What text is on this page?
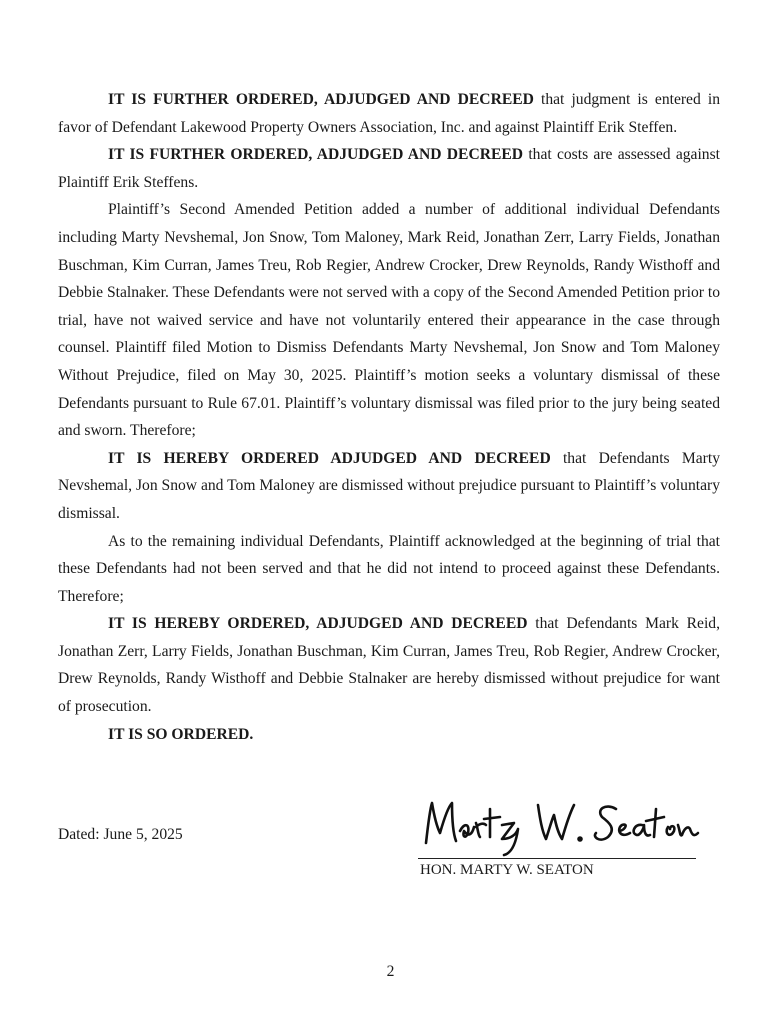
IT IS FURTHER ORDERED, ADJUDGED AND DECREED that judgment is entered in favor of Defendant Lakewood Property Owners Association, Inc. and against Plaintiff Erik Steffen.

IT IS FURTHER ORDERED, ADJUDGED AND DECREED that costs are assessed against Plaintiff Erik Steffens.

Plaintiff’s Second Amended Petition added a number of additional individual Defendants including Marty Nevshemal, Jon Snow, Tom Maloney, Mark Reid, Jonathan Zerr, Larry Fields, Jonathan Buschman, Kim Curran, James Treu, Rob Regier, Andrew Crocker, Drew Reynolds, Randy Wisthoff and Debbie Stalnaker. These Defendants were not served with a copy of the Second Amended Petition prior to trial, have not waived service and have not voluntarily entered their appearance in the case through counsel. Plaintiff filed Motion to Dismiss Defendants Marty Nevshemal, Jon Snow and Tom Maloney Without Prejudice, filed on May 30, 2025. Plaintiff’s motion seeks a voluntary dismissal of these Defendants pursuant to Rule 67.01. Plaintiff’s voluntary dismissal was filed prior to the jury being seated and sworn. Therefore;

IT IS HEREBY ORDERED ADJUDGED AND DECREED that Defendants Marty Nevshemal, Jon Snow and Tom Maloney are dismissed without prejudice pursuant to Plaintiff’s voluntary dismissal.

As to the remaining individual Defendants, Plaintiff acknowledged at the beginning of trial that these Defendants had not been served and that he did not intend to proceed against these Defendants. Therefore;

IT IS HEREBY ORDERED, ADJUDGED AND DECREED that Defendants Mark Reid, Jonathan Zerr, Larry Fields, Jonathan Buschman, Kim Curran, James Treu, Rob Regier, Andrew Crocker, Drew Reynolds, Randy Wisthoff and Debbie Stalnaker are hereby dismissed without prejudice for want of prosecution.

IT IS SO ORDERED.

Dated: June 5, 2025
HON. MARTY W. SEATON
2
